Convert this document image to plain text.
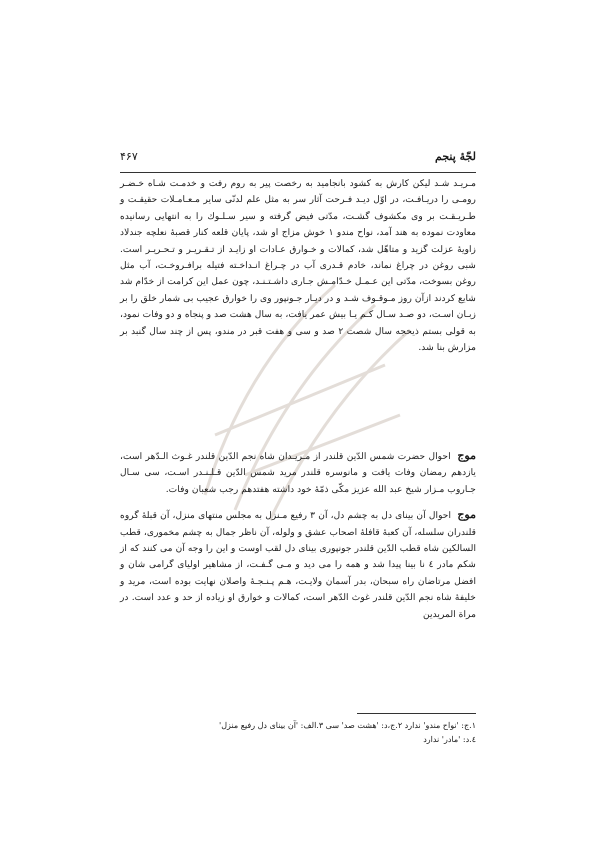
لجّهٔ پنجم
۴۶۷

مـریـد شـد لیکن کارش به کشود بانجامید به رخصت پیر به روم رفت و خدمـت شـاه خـضـر رومـی را دریـافـت، در اوّل دیـد فـرحت آثار سر به مثل علم لدنّی سایر مـعـامـلات حقیقـت و طـریـقـت بر وی مکشوف گشـت، مدّتی فیض گرفته و سیر سـلـوك را به انتهایی رسانیده معاودت نموده به هند آمد، نواح مندو ١ خوش مزاج او شد، پایان قلعه کنار قصبهٔ نعلچه جندلاد زاویهٔ عزلت گزید و متاهّل شد، کمالات و خـوارق عـادات او زایـد از تـقـریـر و تـحـریـر است. شبی روغن در چراغ نماند، خادم قـدری آب در چـراغ انـداخـته فتیله برافـروخـت، آب مثل روغن بسوخت، مدّتی این عـمـل خـدّامـش جـاری داشـتـنـد، چون عمل این کرامت از خدّام شد شایع کردند ازآن روز مـوقـوف شـد و در دیـار جـونپور وی را خوارق عجیب بی شمار خلق را بر زبـان اسـت، دو صـد سـال کـم یـا بیش عمر یافت، به سال هشت صد و پنجاه و دو وفات نمود، به قولی بستم ذیحجه سال شصت ٢ صد و سی و هفت قبر در مندو، پس از چند سال گنبد بر مزارش بنا شد.

موج  احوال حضرت شمس الدّین قلندر از مـریـدان شاه نجم الدّین قلندر غـوث الـدّهر است، یازدهم رمضان وفات یافت و مانوسره قلندر مرید شمس الدّین قـلـنـدر اسـت، سی سـال جـاروب مـزار شیخ عبد الله عزیز مکّی ذمّهٔ خود داشته هفتدهم رجب شعبان وفات.

موج  احوال آن بینای دل به چشم دل، آن ٣ رفیع مـنزل به مجلس منتهای منزل، آن قبلهٔ گروه قلندران سلسله، آن کعبهٔ قافلهٔ اصحاب عشق و ولوله، آن ناظر جمال به چشم مخموری، قطب السالکین شاه قطب الدّین قلندر جونپوری بینای دل لقب اوست و این را وجه آن می کنند که از شکم مادر ٤ نا بینا پیدا شد و همه را می دید و مـی گـفـت، از مشاهیر اولیای گرامی شان و افضل مرتاضان راه سبحان، بدر آسمان ولایـت، هـم پـنـجـهٔ واصلان نهایت بوده است، مرید و خلیفهٔ شاه نجم الدّین قلندر غوث الدّهر است، کمالات و خوارق او زیاده از حد و عدد است. در مراة المریدین

١.ج: 'نواح مندو' ندارد ٢.ج،د: 'هشت صد' سی ٣.الف: 'آن بینای دل رفیع منزل'
٤.د: 'مادر' ندارد
